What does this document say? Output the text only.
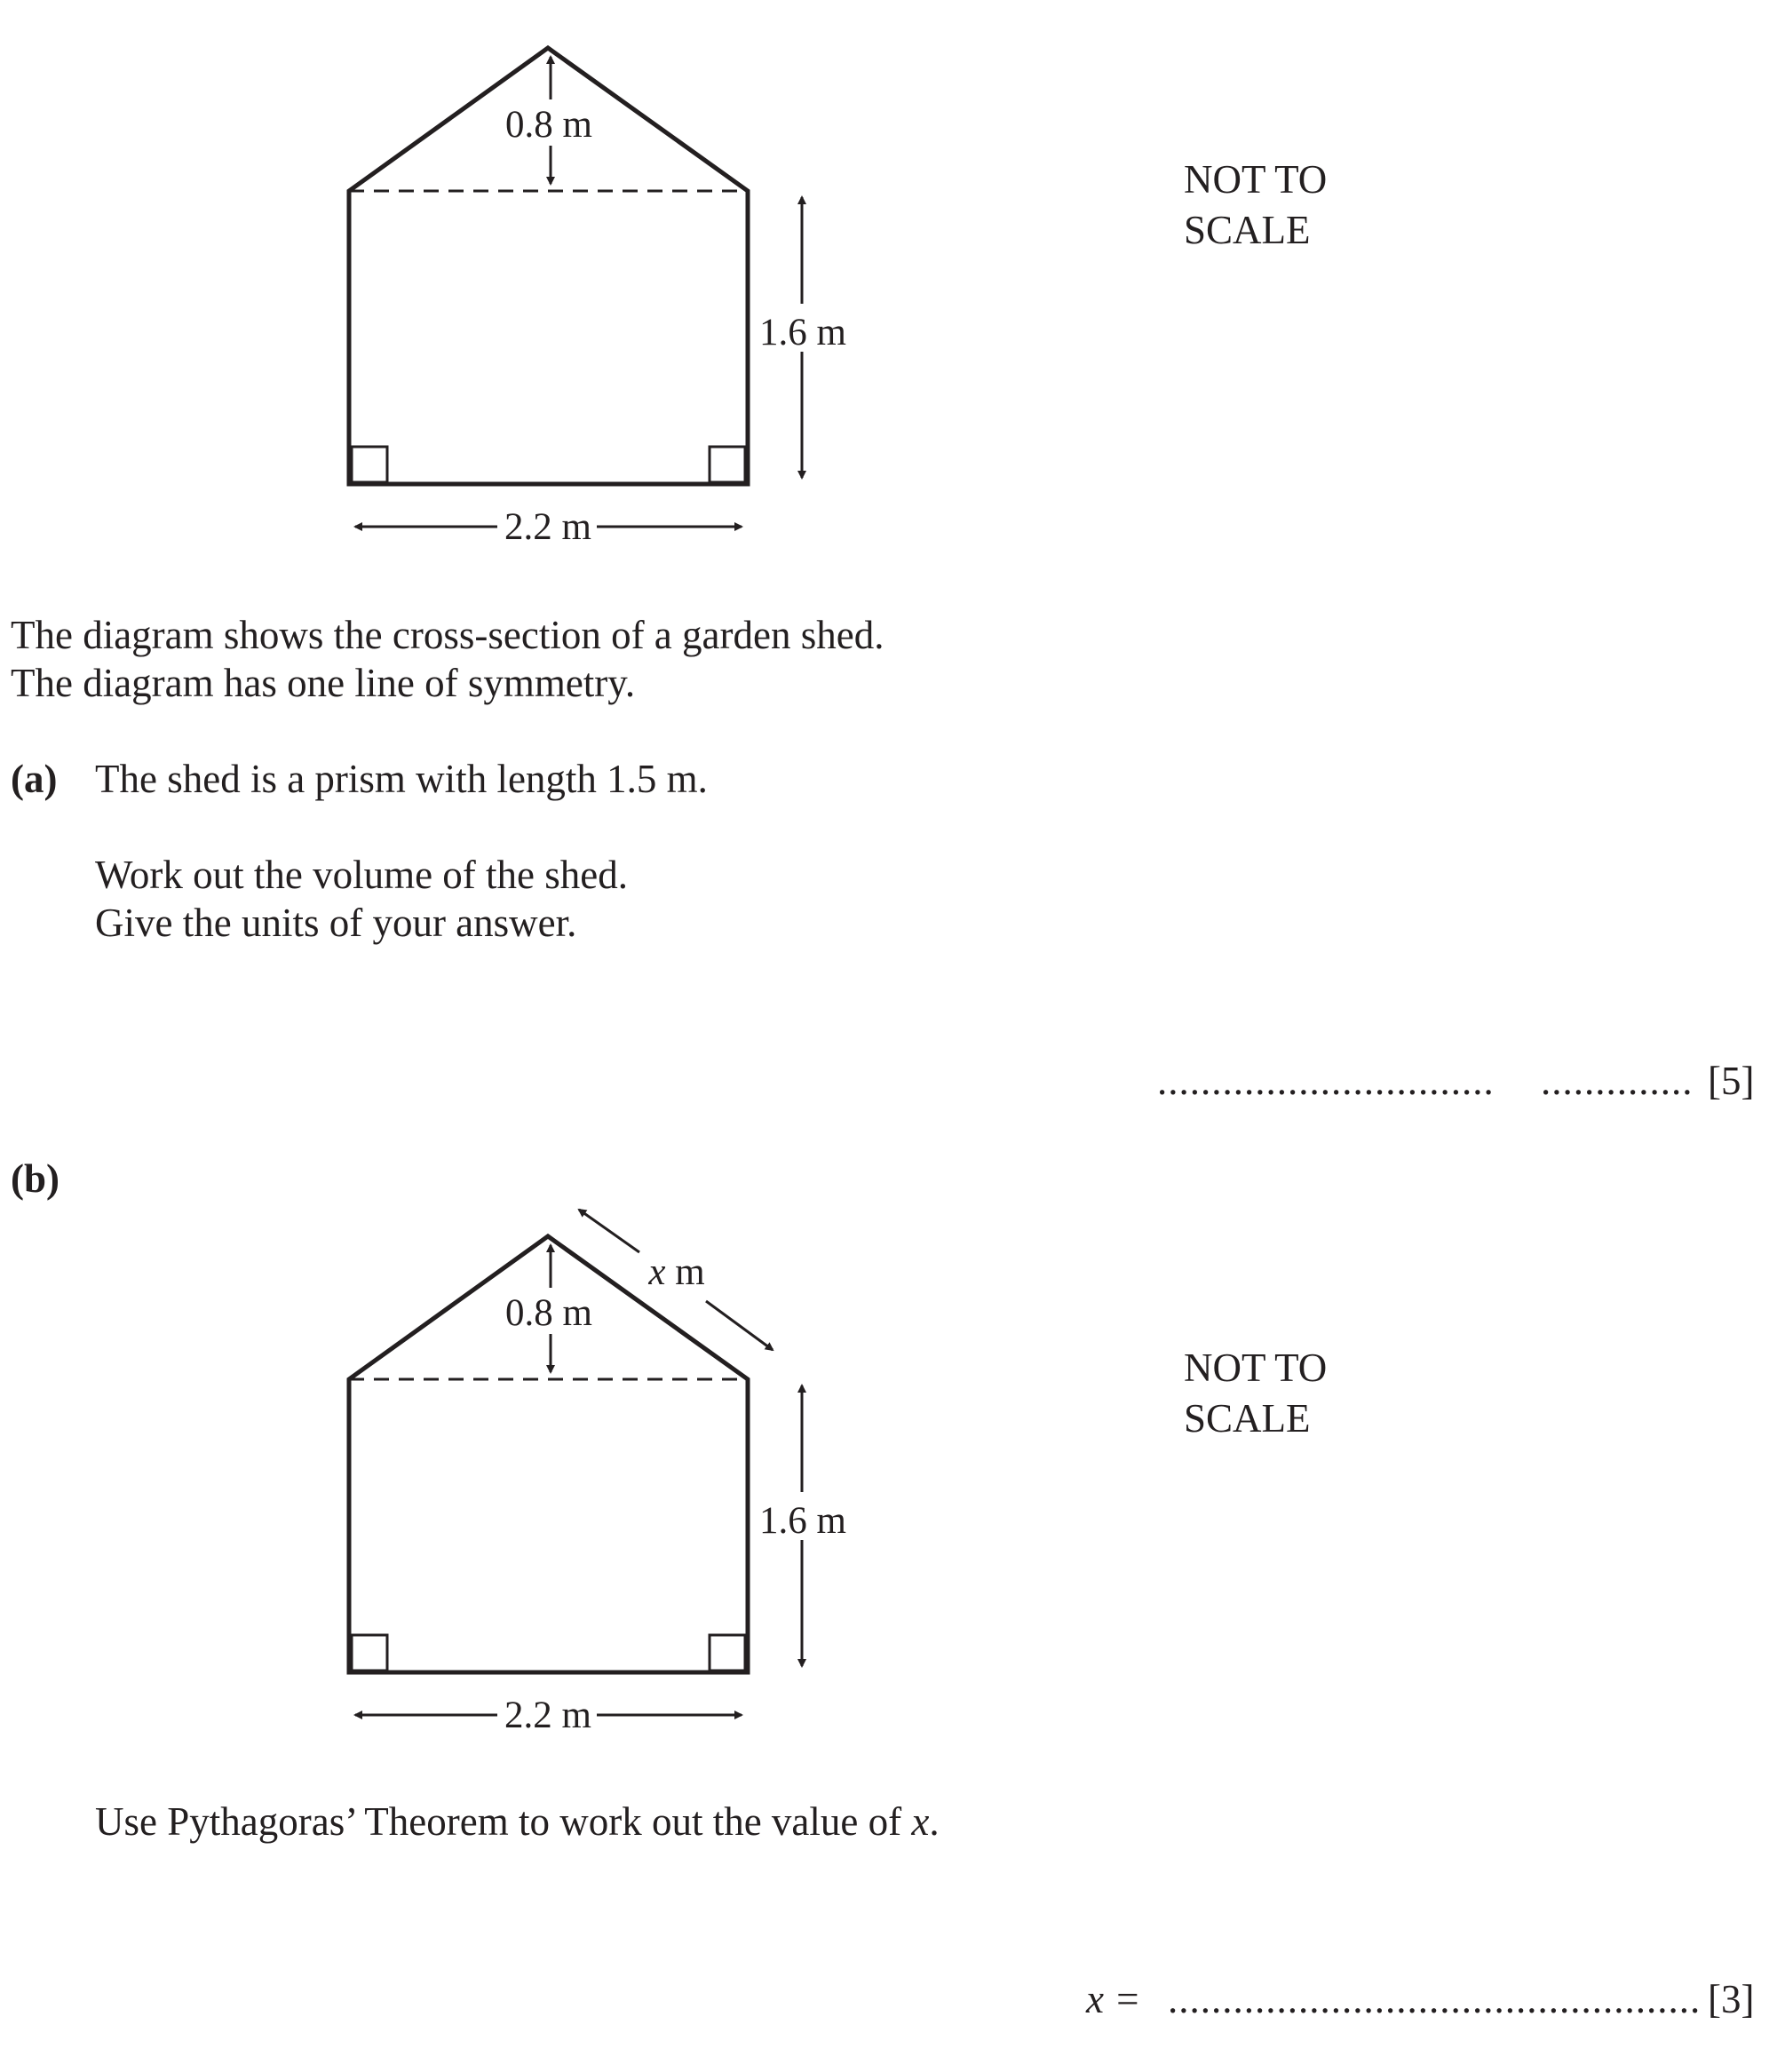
0.8 m
1.6 m
2.2 m
NOT TO
SCALE
The diagram shows the cross-section of a garden shed.
The diagram has one line of symmetry.
(a) The shed is a prism with length 1.5 m.
Work out the volume of the shed.
Give the units of your answer.
............................... .............. [5]
(b)
x m
0.8 m
1.6 m
2.2 m
NOT TO
SCALE
Use Pythagoras’ Theorem to work out the value of x.
x = ................................................. [3]
